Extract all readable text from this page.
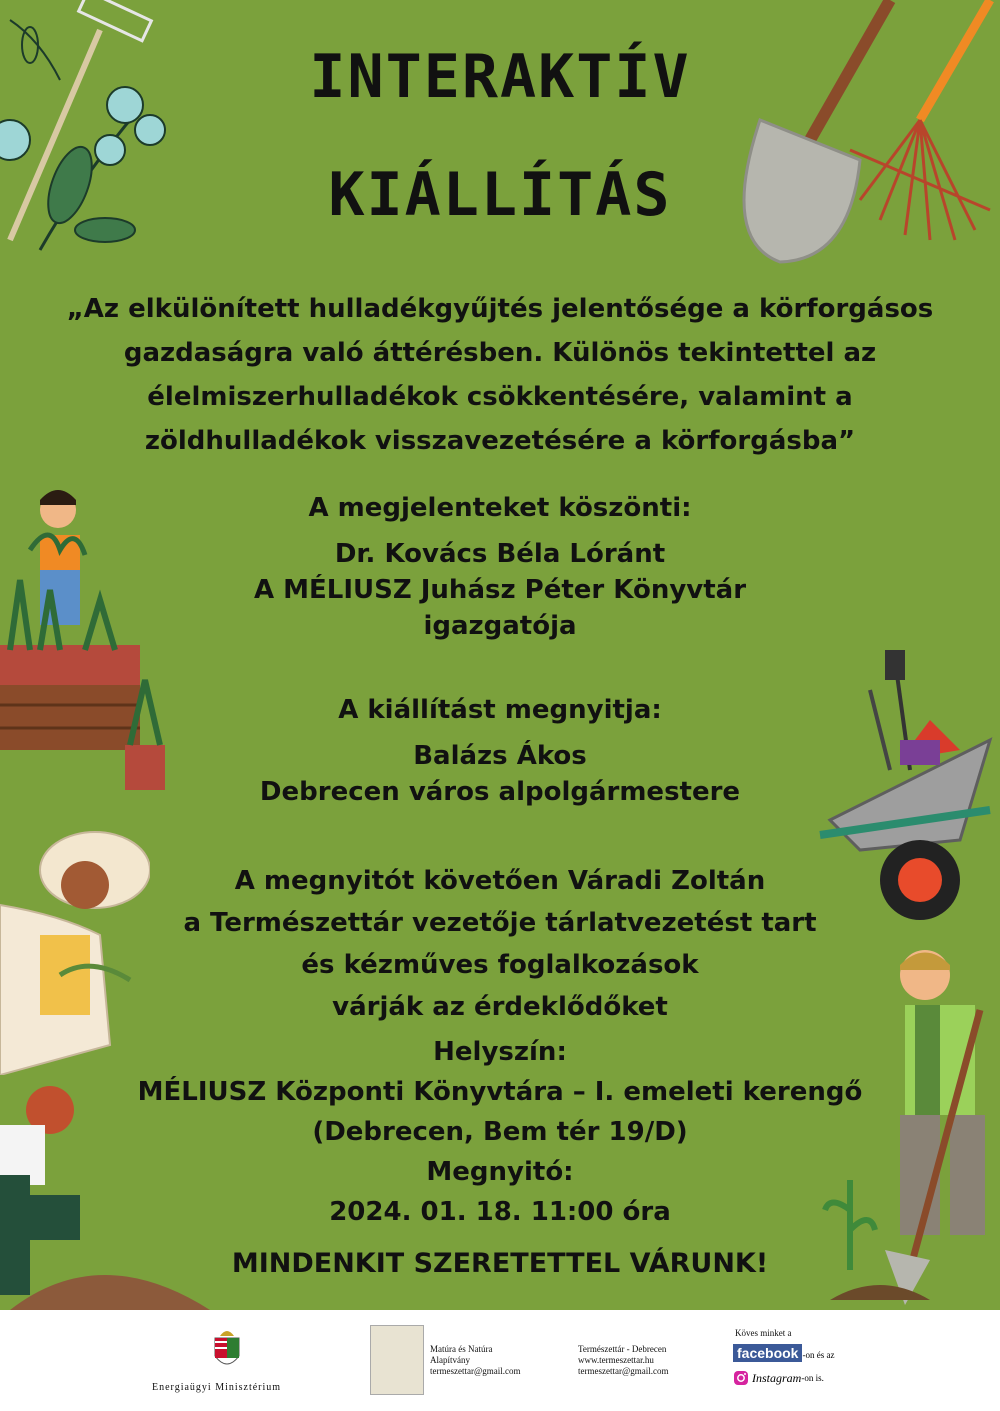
INTERAKTÍV
KIÁLLÍTÁS
„Az elkülönített hulladékgyűjtés jelentősége a körforgásos
gazdaságra való áttérésben. Különös tekintettel az
élelmiszerhulladékok csökkentésére, valamint a
zöldhulladékok visszavezetésére a körforgásba”
A megjelenteket köszönti:
Dr. Kovács Béla Lóránt
A MÉLIUSZ Juhász Péter Könyvtár
igazgatója
A kiállítást megnyitja:
Balázs Ákos
Debrecen város alpolgármestere
A megnyitót követően Váradi Zoltán
a Természettár vezetője tárlatvezetést tart
és kézműves foglalkozások
várják az érdeklődőket
Helyszín:
MÉLIUSZ Központi Könyvtára – I. emeleti kerengő
(Debrecen, Bem tér 19/D)
Megnyitó:
2024. 01. 18. 11:00 óra
MINDENKIT SZERETETTEL VÁRUNK!
Energiaügyi Minisztérium
Matúra és Natúra
Alapítvány
termeszettar@gmail.com
Természettár - Debrecen
www.termeszettar.hu
termeszettar@gmail.com
Köves minket a
facebook -on és az
Instagram -on is.
